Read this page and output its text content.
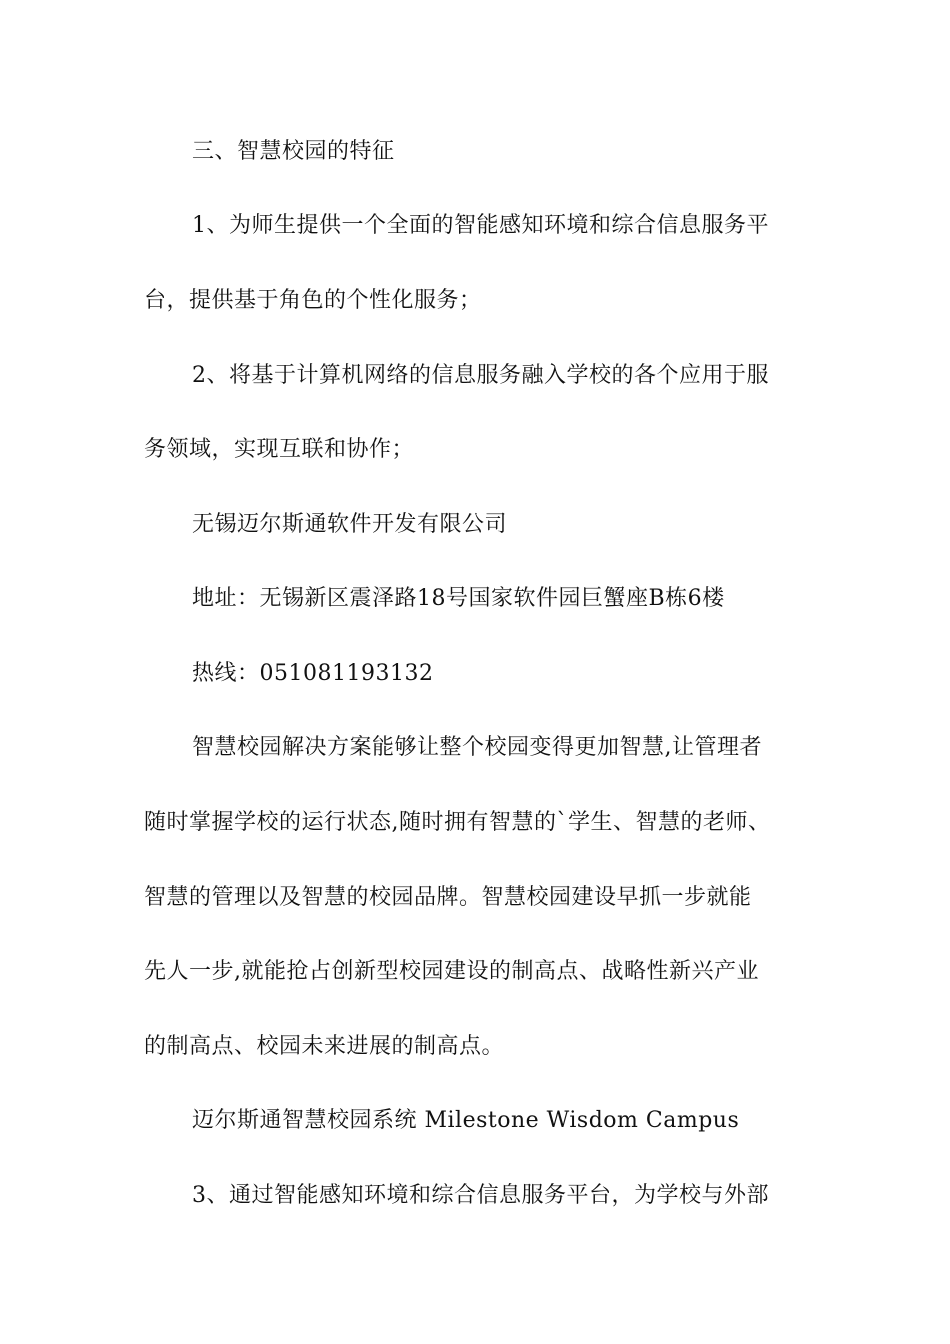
三、智慧校园的特征
1、为师生提供一个全面的智能感知环境和综合信息服务平
台，提供基于角色的个性化服务；
2、将基于计算机网络的信息服务融入学校的各个应用于服
务领域，实现互联和协作；
无锡迈尔斯通软件开发有限公司
地址：无锡新区震泽路18号国家软件园巨蟹座B栋6楼
热线：051081193132
智慧校园解决方案能够让整个校园变得更加智慧,让管理者
随时掌握学校的运行状态,随时拥有智慧的`学生、智慧的老师、
智慧的管理以及智慧的校园品牌。智慧校园建设早抓一步就能
先人一步,就能抢占创新型校园建设的制高点、战略性新兴产业
的制高点、校园未来进展的制高点。
迈尔斯通智慧校园系统 Milestone Wisdom Campus
3、通过智能感知环境和综合信息服务平台，为学校与外部
